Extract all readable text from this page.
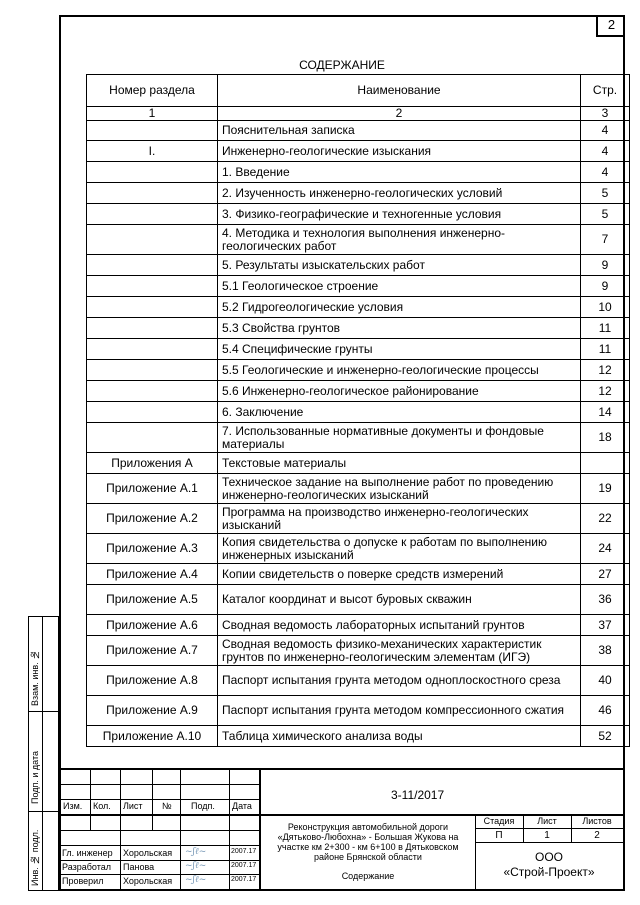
2
СОДЕРЖАНИЕ
Номер раздела	Наименование	Стр.
1	2	3
	Пояснительная записка	4
I.	Инженерно-геологические изыскания	4
	1. Введение	4
	2. Изученность инженерно-геологических условий	5
	3. Физико-географические и техногенные условия	5
	4. Методика и технология выполнения инженерно-геологических работ	7
	5. Результаты изыскательских работ	9
	5.1 Геологическое строение	9
	5.2 Гидрогеологические условия	10
	5.3 Свойства грунтов	11
	5.4 Специфические грунты	11
	5.5 Геологические и инженерно-геологические процессы	12
	5.6 Инженерно-геологическое районирование	12
	6. Заключение	14
	7. Использованные нормативные документы и фондовые материалы	18
Приложения А	Текстовые материалы	
Приложение А.1	Техническое задание на выполнение работ по проведению инженерно-геологических изысканий	19
Приложение А.2	Программа на производство инженерно-геологических изысканий	22
Приложение А.3	Копия свидетельства о допуске к работам по выполнению инженерных изысканий	24
Приложение А.4	Копии свидетельств о поверке средств измерений	27
Приложение А.5	Каталог координат и высот буровых скважин	36
Приложение А.6	Сводная ведомость лабораторных испытаний грунтов	37
Приложение А.7	Сводная ведомость физико-механических характеристик грунтов по инженерно-геологическим элементам (ИГЭ)	38
Приложение А.8	Паспорт испытания грунта методом одноплоскостного среза	40
Приложение А.9	Паспорт испытания грунта методом компрессионного сжатия	46
Приложение А.10	Таблица химического анализа воды	52
Взам. инв. №
Подп. и дата
Инв. № подл.
Изм. Кол. Лист № Подп. Дата
3-11/2017
Гл. инженер Хорольская ~ʃℓ~	2007.17
Разработал Панова	~ʃℓ~	2007.17
Проверил Хорольская ~ʃℓ~	2007.17
Реконструкция автомобильной дороги «Дятьково-Любохна» - Большая Жукова на участке км 2+300 - км 6+100 в Дятьковском районе Брянской области
Содержание
Стадия	Лист	Листов
П	1	2
ООО
«Строй-Проект»
